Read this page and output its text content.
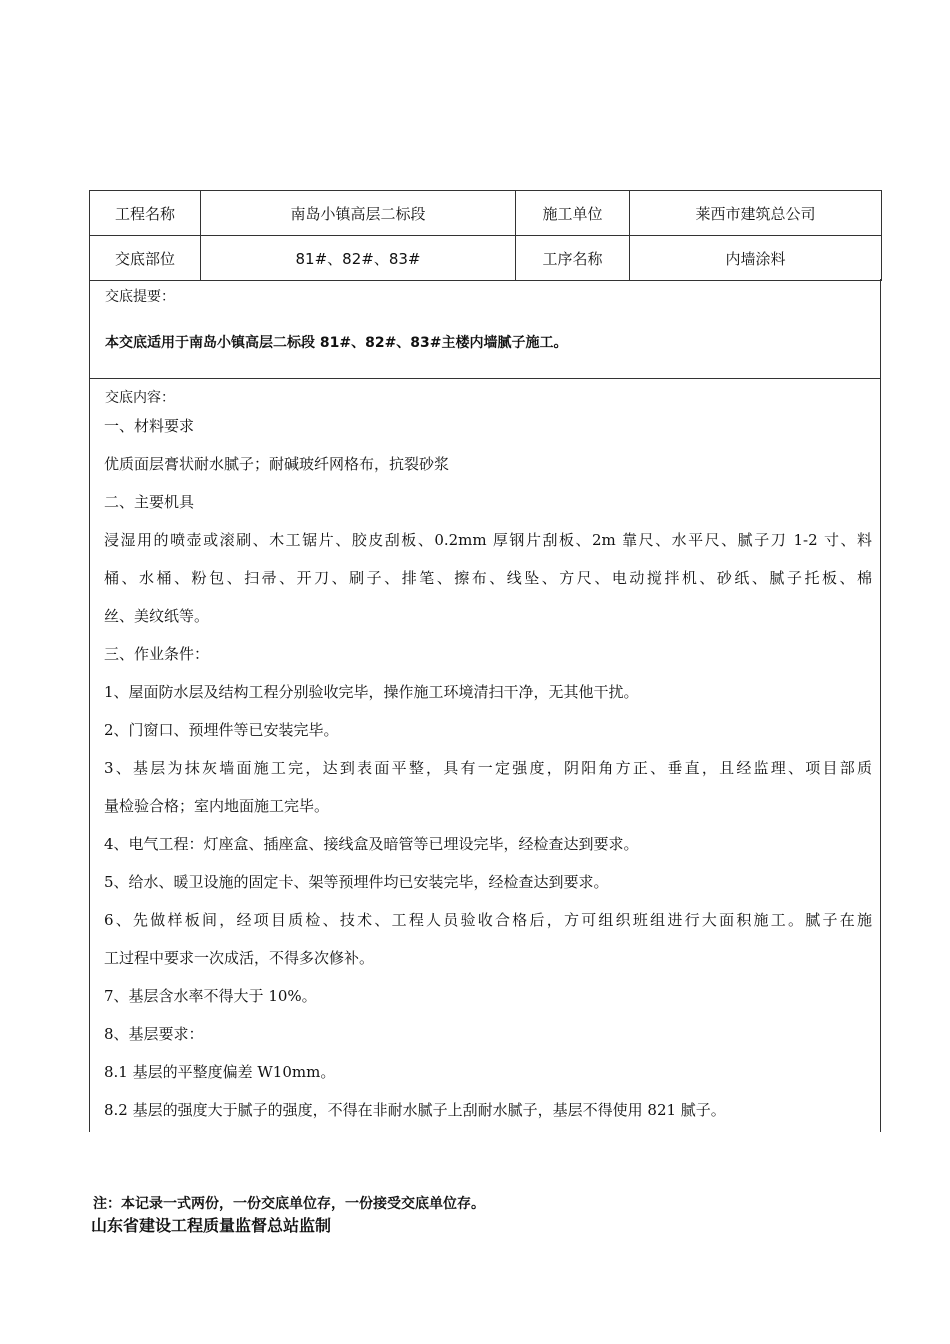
工程名称	南岛小镇高层二标段	施工单位	莱西市建筑总公司
交底部位	81#、82#、83#	工序名称	内墙涂料
交底提要：
本交底适用于南岛小镇高层二标段 81#、82#、83#主楼内墙腻子施工。
交底内容：
一、材料要求
优质面层膏状耐水腻子；耐碱玻纤网格布，抗裂砂浆
二、主要机具
浸湿用的喷壶或滚刷、木工锯片、胶皮刮板、0.2mm 厚钢片刮板、2m 靠尺、水平尺、腻子刀 1-2 寸、料
桶、水桶、粉包、扫帚、开刀、刷子、排笔、擦布、线坠、方尺、电动搅拌机、砂纸、腻子托板、棉
丝、美纹纸等。
三、作业条件：
1、屋面防水层及结构工程分别验收完毕，操作施工环境清扫干净，无其他干扰。
2、门窗口、预埋件等已安装完毕。
3、基层为抹灰墙面施工完，达到表面平整，具有一定强度，阴阳角方正、垂直，且经监理、项目部质
量检验合格；室内地面施工完毕。
4、电气工程：灯座盒、插座盒、接线盒及暗管等已埋设完毕，经检查达到要求。
5、给水、暖卫设施的固定卡、架等预埋件均已安装完毕，经检查达到要求。
6、先做样板间，经项目质检、技术、工程人员验收合格后，方可组织班组进行大面积施工。腻子在施
工过程中要求一次成活，不得多次修补。
7、基层含水率不得大于 10%。
8、基层要求：
8.1 基层的平整度偏差 W10mm。
8.2 基层的强度大于腻子的强度，不得在非耐水腻子上刮耐水腻子，基层不得使用 821 腻子。
注：本记录一式两份，一份交底单位存，一份接受交底单位存。
山东省建设工程质量监督总站监制
